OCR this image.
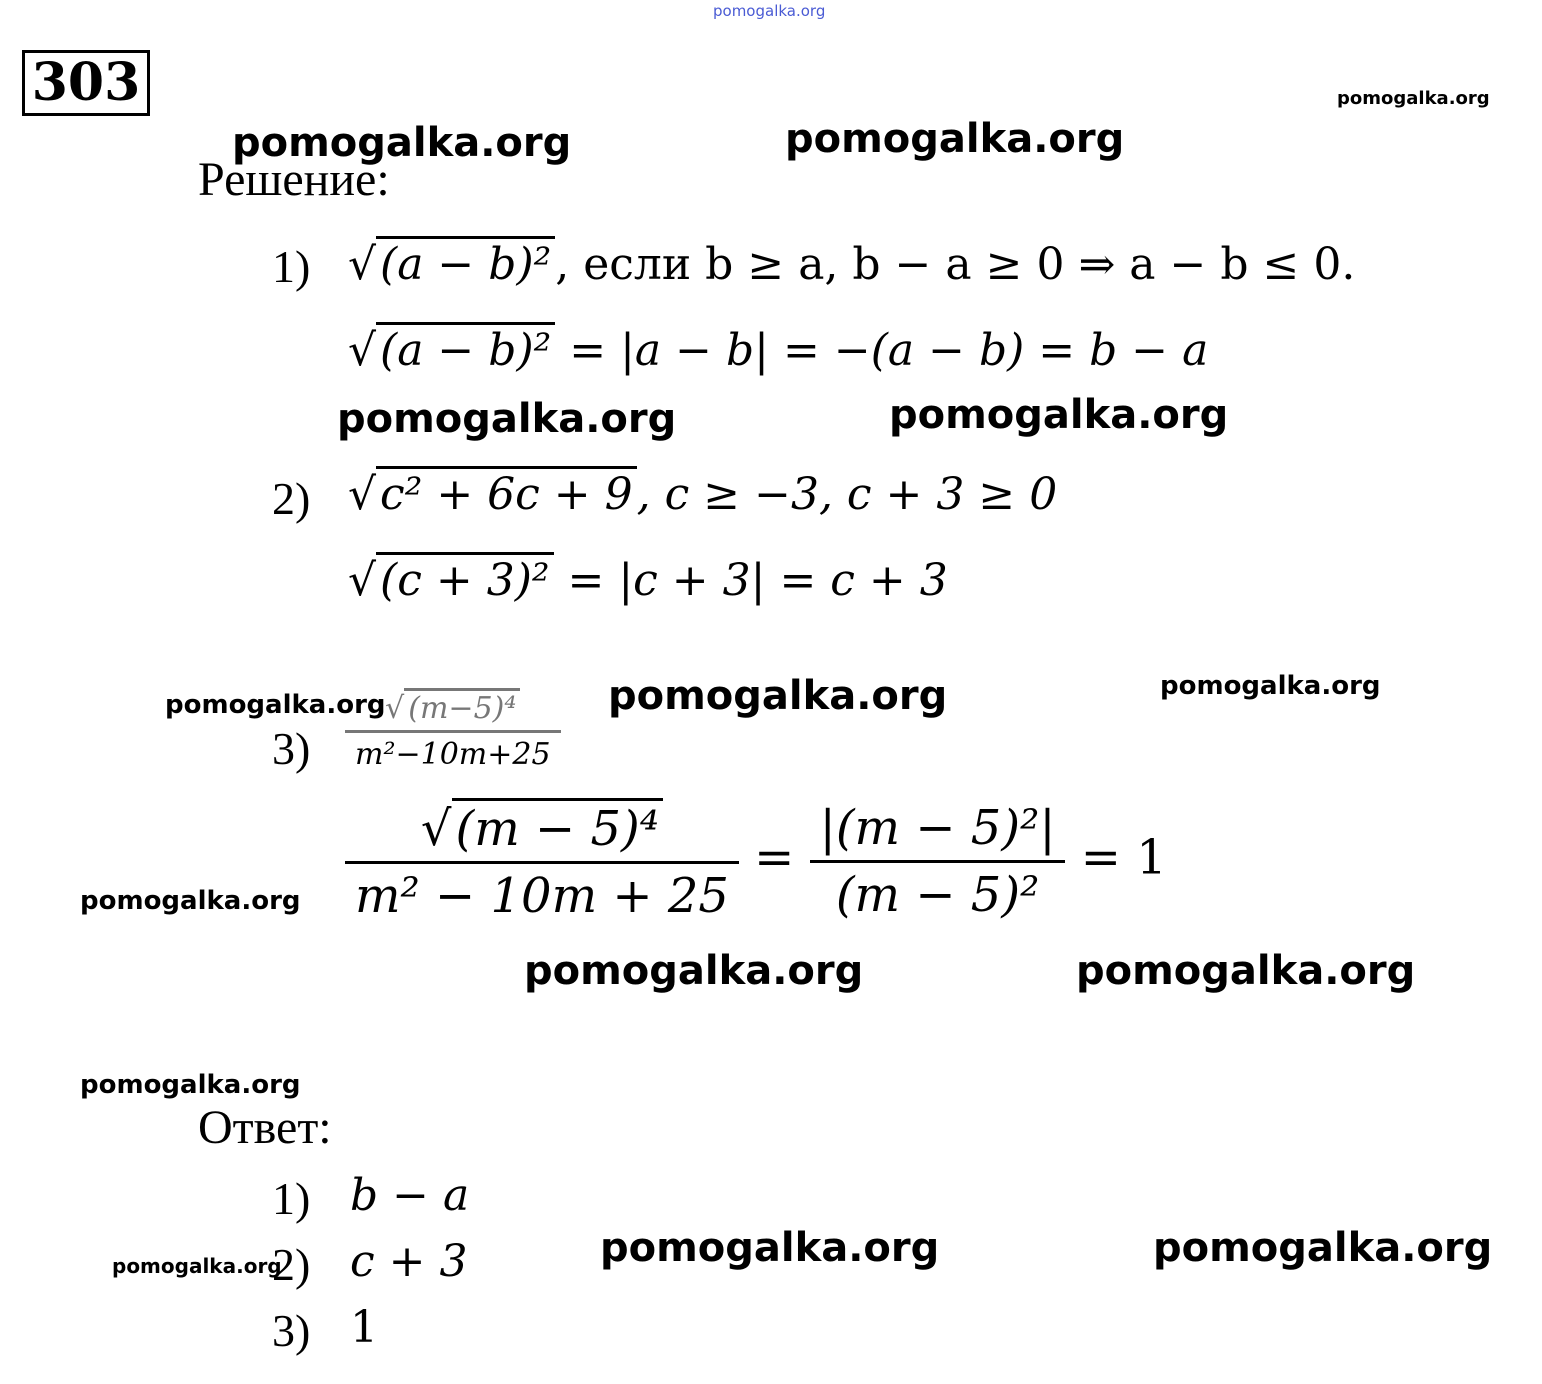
pomogalka.org
303	pomogalka.org
pomogalka.org	pomogalka.org
pomogalka.org	pomogalka.org
pomogalka.org	pomogalka.org	pomogalka.org
pomogalka.org
pomogalka.org	pomogalka.org
pomogalka.org
pomogalka.org	pomogalka.org	pomogalka.org
Решение:
1) √(a − b)², если b ≥ a, b − a ≥ 0 ⇒ a − b ≤ 0.
√(a − b)² = |a − b| = −(a − b) = b − a
2) √c² + 6c + 9, c ≥ −3, c + 3 ≥ 0
√(c + 3)² = |c + 3| = c + 3
$3) \frac{\text{√ (m−5)⁴}}{\text{m²−10m+25}}$
$\frac{\text{√(m − 5)⁴}}{\text{m² − 10m + 25}} = \frac{\text{|(m − 5)²|}}{\text{(m − 5)²}} = 1$
Ответ:
1) b − a
2) c + 3
3) 1
